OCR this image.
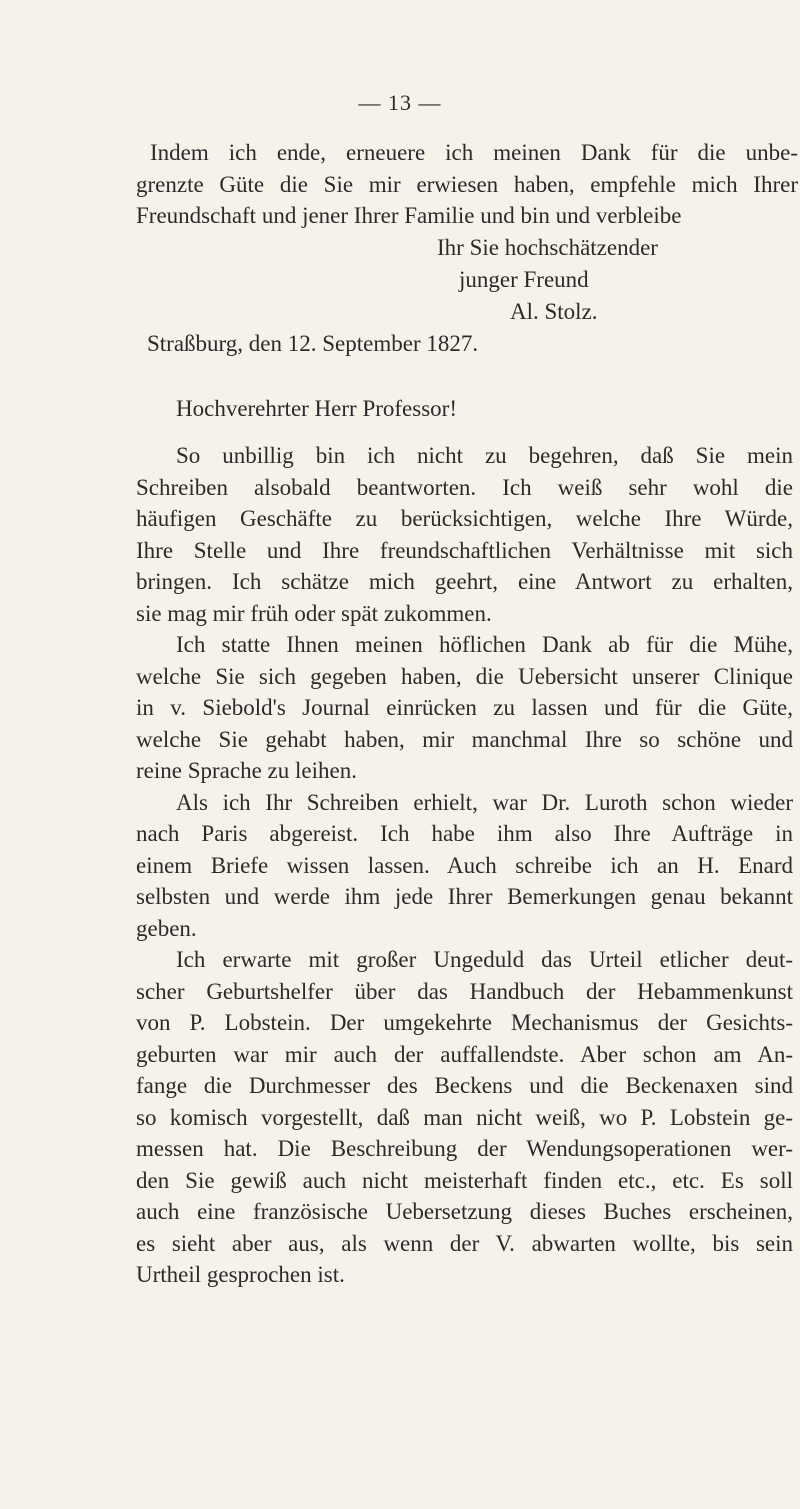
— 13 —
Indem ich ende, erneuere ich meinen Dank für die unbe-
grenzte Güte die Sie mir erwiesen haben, empfehle mich Ihrer
Freundschaft und jener Ihrer Familie und bin und verbleibe
Ihr Sie hochschätzender
junger Freund
Al. Stolz.
Straßburg, den 12. September 1827.
Hochverehrter Herr Professor!
So unbillig bin ich nicht zu begehren, daß Sie mein
Schreiben alsobald beantworten. Ich weiß sehr wohl die
häufigen Geschäfte zu berücksichtigen, welche Ihre Würde,
Ihre Stelle und Ihre freundschaftlichen Verhältnisse mit sich
bringen. Ich schätze mich geehrt, eine Antwort zu erhalten,
sie mag mir früh oder spät zukommen.
Ich statte Ihnen meinen höflichen Dank ab für die Mühe,
welche Sie sich gegeben haben, die Uebersicht unserer Clinique
in v. Siebold's Journal einrücken zu lassen und für die Güte,
welche Sie gehabt haben, mir manchmal Ihre so schöne und
reine Sprache zu leihen.
Als ich Ihr Schreiben erhielt, war Dr. Luroth schon wieder
nach Paris abgereist. Ich habe ihm also Ihre Aufträge in
einem Briefe wissen lassen. Auch schreibe ich an H. Enard
selbsten und werde ihm jede Ihrer Bemerkungen genau bekannt
geben.
Ich erwarte mit großer Ungeduld das Urteil etlicher deut-
scher Geburtshelfer über das Handbuch der Hebammenkunst
von P. Lobstein. Der umgekehrte Mechanismus der Gesichts-
geburten war mir auch der auffallendste. Aber schon am An-
fange die Durchmesser des Beckens und die Beckenaxen sind
so komisch vorgestellt, daß man nicht weiß, wo P. Lobstein ge-
messen hat. Die Beschreibung der Wendungsoperationen wer-
den Sie gewiß auch nicht meisterhaft finden etc., etc. Es soll
auch eine französische Uebersetzung dieses Buches erscheinen,
es sieht aber aus, als wenn der V. abwarten wollte, bis sein
Urtheil gesprochen ist.
